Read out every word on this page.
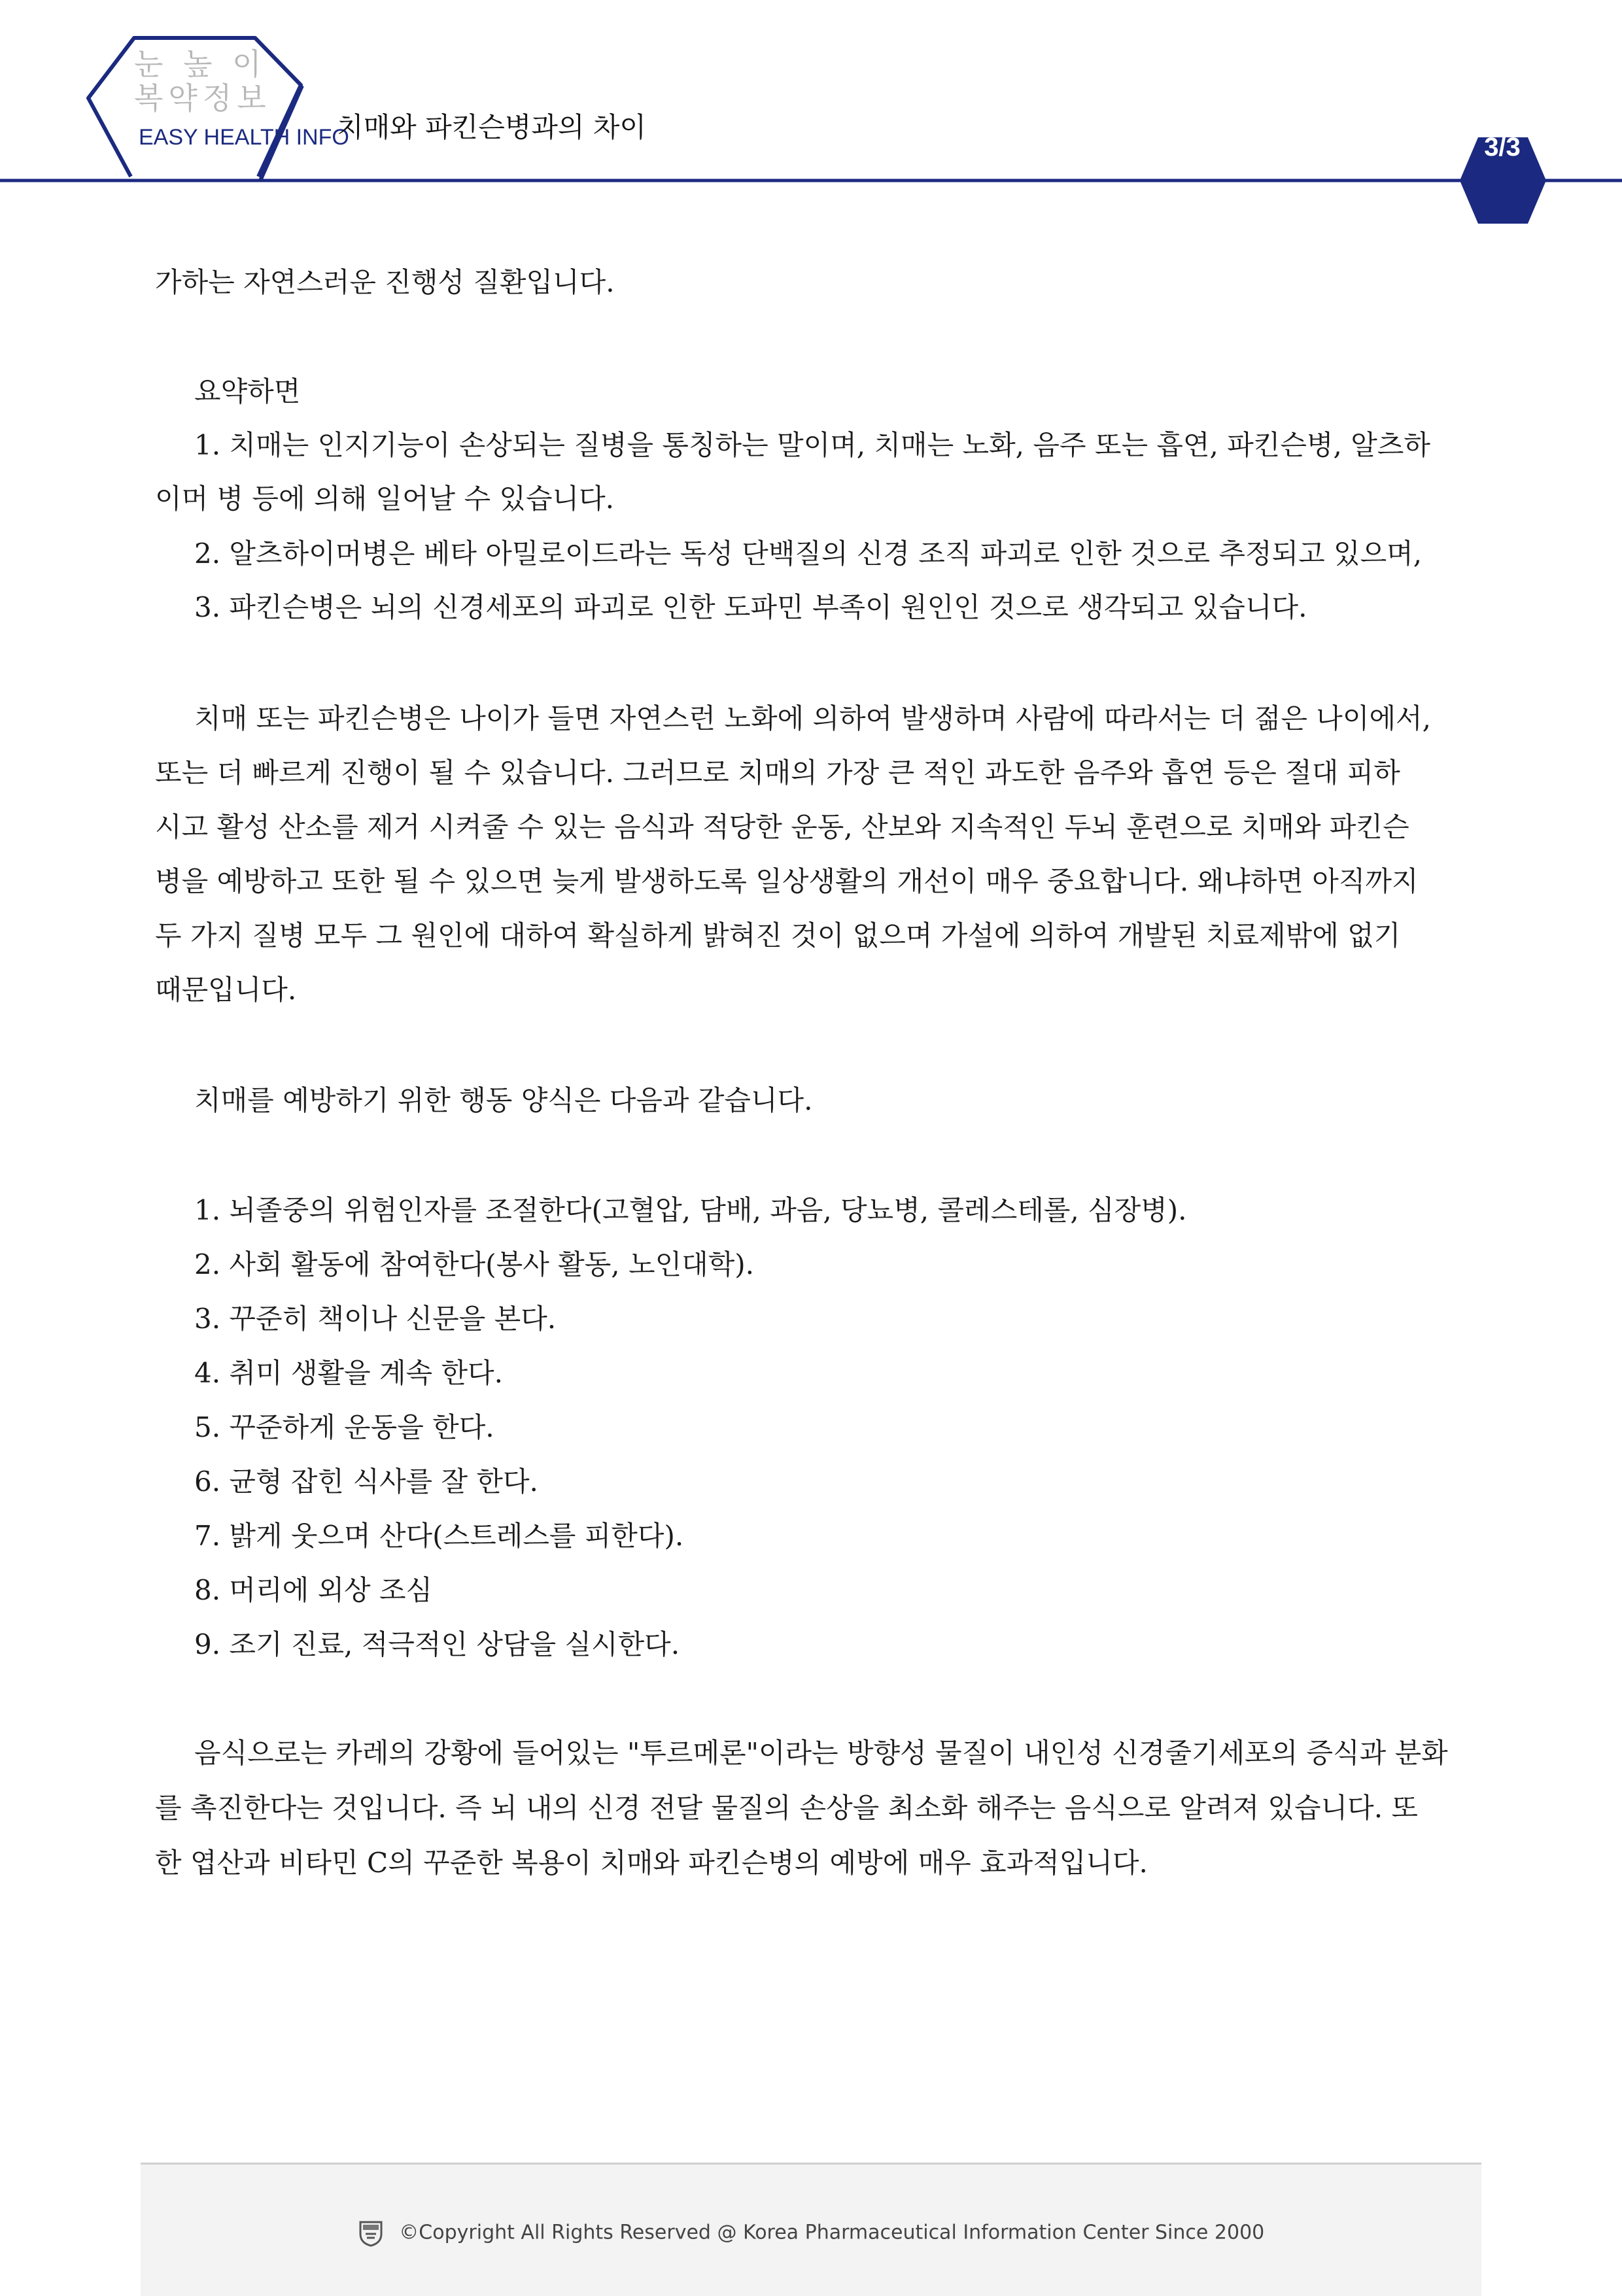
눈 높 이 복약정보
EASY HEALTH INFO
치매와 파킨슨병과의 차이
3/3
가하는 자연스러운 진행성 질환입니다.
요약하면
1. 치매는 인지기능이 손상되는 질병을 통칭하는 말이며, 치매는 노화, 음주 또는 흡연, 파킨슨병, 알츠하
이머 병 등에 의해 일어날 수 있습니다.
2. 알츠하이머병은 베타 아밀로이드라는 독성 단백질의 신경 조직 파괴로 인한 것으로 추정되고 있으며,
3. 파킨슨병은 뇌의 신경세포의 파괴로 인한 도파민 부족이 원인인 것으로 생각되고 있습니다.
치매 또는 파킨슨병은 나이가 들면 자연스런 노화에 의하여 발생하며 사람에 따라서는 더 젊은 나이에서,
또는 더 빠르게 진행이 될 수 있습니다. 그러므로 치매의 가장 큰 적인 과도한 음주와 흡연 등은 절대 피하
시고 활성 산소를 제거 시켜줄 수 있는 음식과 적당한 운동, 산보와 지속적인 두뇌 훈련으로 치매와 파킨슨
병을 예방하고 또한 될 수 있으면 늦게 발생하도록 일상생활의 개선이 매우 중요합니다. 왜냐하면 아직까지
두 가지 질병 모두 그 원인에 대하여 확실하게 밝혀진 것이 없으며 가설에 의하여 개발된 치료제밖에 없기
때문입니다.
치매를 예방하기 위한 행동 양식은 다음과 같습니다.
1. 뇌졸중의 위험인자를 조절한다(고혈압, 담배, 과음, 당뇨병, 콜레스테롤, 심장병).
2. 사회 활동에 참여한다(봉사 활동, 노인대학).
3. 꾸준히 책이나 신문을 본다.
4. 취미 생활을 계속 한다.
5. 꾸준하게 운동을 한다.
6. 균형 잡힌 식사를 잘 한다.
7. 밝게 웃으며 산다(스트레스를 피한다).
8. 머리에 외상 조심
9. 조기 진료, 적극적인 상담을 실시한다.
음식으로는 카레의 강황에 들어있는 "투르메론"이라는 방향성 물질이 내인성 신경줄기세포의 증식과 분화
를 촉진한다는 것입니다. 즉 뇌 내의 신경 전달 물질의 손상을 최소화 해주는 음식으로 알려져 있습니다. 또
한 엽산과 비타민 C의 꾸준한 복용이 치매와 파킨슨병의 예방에 매우 효과적입니다.
©Copyright All Rights Reserved @ Korea Pharmaceutical Information Center Since 2000
